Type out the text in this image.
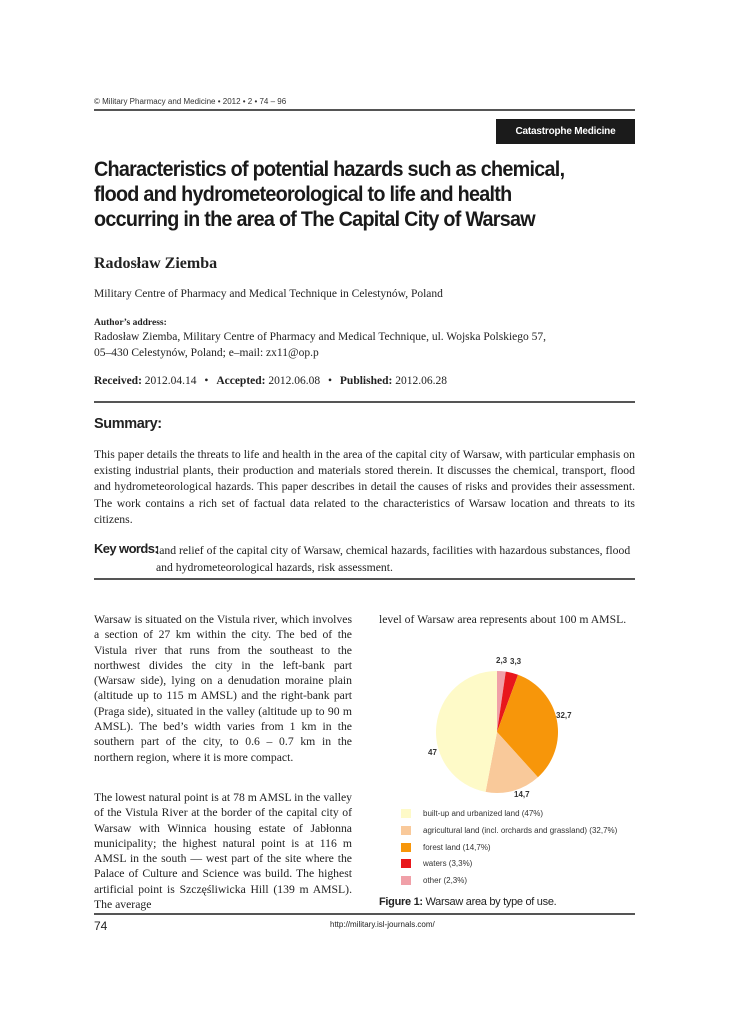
© Military Pharmacy and Medicine • 2012 • 2 • 74 – 96
Catastrophe Medicine
Characteristics of potential hazards such as chemical, flood and hydrometeorological to life and health occurring in the area of The Capital City of Warsaw
Radosław Ziemba
Military Centre of Pharmacy and Medical Technique in Celestynów, Poland
Author’s address:
Radosław Ziemba, Military Centre of Pharmacy and Medical Technique, ul. Wojska Polskiego 57,
05–430 Celestynów, Poland; e–mail: zx11@op.p
Received: 2012.04.14 • Accepted: 2012.06.08 • Published: 2012.06.28
Summary:
This paper details the threats to life and health in the area of the capital city of Warsaw, with particular emphasis on existing industrial plants, their production and materials stored therein. It discusses the chemical, transport, flood and hydrometeorological hazards. This paper describes in detail the causes of risks and provides their assessment. The work contains a rich set of factual data related to the characteristics of Warsaw location and threats to its citizens.
Key words:
land relief of the capital city of Warsaw, chemical hazards, facilities with hazardous substances, flood and hydrometeorological hazards, risk assessment.
Warsaw is situated on the Vistula river, which involves a section of 27 km within the city. The bed of the Vistula river that runs from the southeast to the northwest divides the city in the left-bank part (Warsaw side), lying on a denudation moraine plain (altitude up to 115 m AMSL) and the right-bank part (Praga side), situated in the valley (altitude up to 90 m AMSL). The bed’s width varies from 1 km in the southern part of the city, to 0.6 – 0.7 km in the northern region, where it is more compact.
The lowest natural point is at 78 m AMSL in the valley of the Vistula River at the border of the capital city of Warsaw with Winnica housing estate of Jabłonna municipality; the highest natural point is at 116 m AMSL in the south — west part of the site where the Palace of Culture and Science was build. The highest artificial point is Szczęśliwicka Hill (139 m AMSL). The average
level of Warsaw area represents about 100 m AMSL.
2,3 3,3
32,7
14,7
47
built-up and urbanized land (47%)
agricultural land (incl. orchards and grassland) (32,7%)
forest land (14,7%)
waters (3,3%)
other (2,3%)
Figure 1: Warsaw area by type of use.
74	http://military.isl-journals.com/
